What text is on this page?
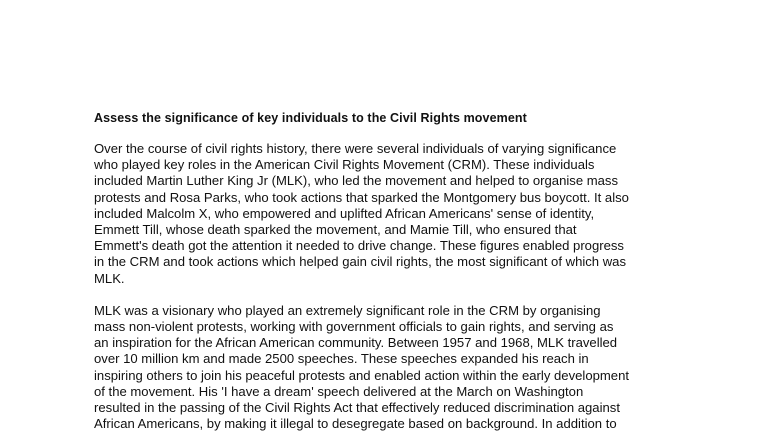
Assess the significance of key individuals to the Civil Rights movement
Over the course of civil rights history, there were several individuals of varying significance
who played key roles in the American Civil Rights Movement (CRM). These individuals
included Martin Luther King Jr (MLK), who led the movement and helped to organise mass
protests and Rosa Parks, who took actions that sparked the Montgomery bus boycott. It also
included Malcolm X, who empowered and uplifted African Americans' sense of identity,
Emmett Till, whose death sparked the movement, and Mamie Till, who ensured that
Emmett's death got the attention it needed to drive change. These figures enabled progress
in the CRM and took actions which helped gain civil rights, the most significant of which was
MLK.
MLK was a visionary who played an extremely significant role in the CRM by organising
mass non-violent protests, working with government officials to gain rights, and serving as
an inspiration for the African American community. Between 1957 and 1968, MLK travelled
over 10 million km and made 2500 speeches. These speeches expanded his reach in
inspiring others to join his peaceful protests and enabled action within the early development
of the movement. His 'I have a dream' speech delivered at the March on Washington
resulted in the passing of the Civil Rights Act that effectively reduced discrimination against
African Americans, by making it illegal to desegregate based on background. In addition to
